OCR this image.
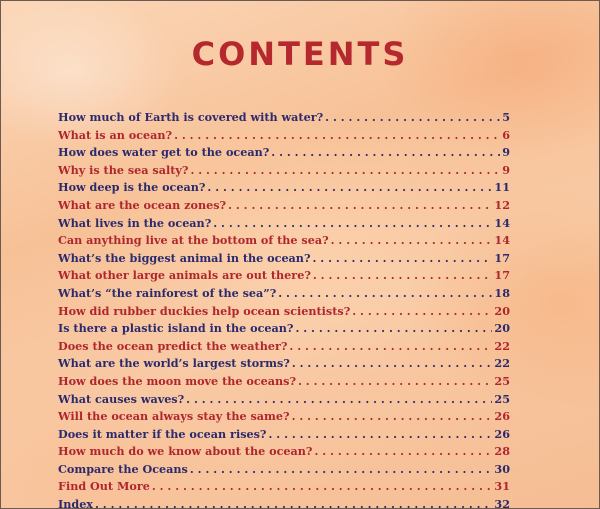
CONTENTS
How much of Earth is covered with water? . . .	5
What is an ocean? . . .	6
How does water get to the ocean? . . .	9
Why is the sea salty? . . .	9
How deep is the ocean? . . .	11
What are the ocean zones? . . .	12
What lives in the ocean? . . .	14
Can anything live at the bottom of the sea? . . .	14
What’s the biggest animal in the ocean? . . .	17
What other large animals are out there? . . .	17
What’s “the rainforest of the sea”? . . .	18
How did rubber duckies help ocean scientists? . . .	20
Is there a plastic island in the ocean? . . .	20
Does the ocean predict the weather? . . .	22
What are the world’s largest storms? . . .	22
How does the moon move the oceans? . . .	25
What causes waves? . . .	25
Will the ocean always stay the same? . . .	26
Does it matter if the ocean rises? . . .	26
How much do we know about the ocean? . . .	28
Compare the Oceans . . .	30
Find Out More . . .	31
Index . . .	32
